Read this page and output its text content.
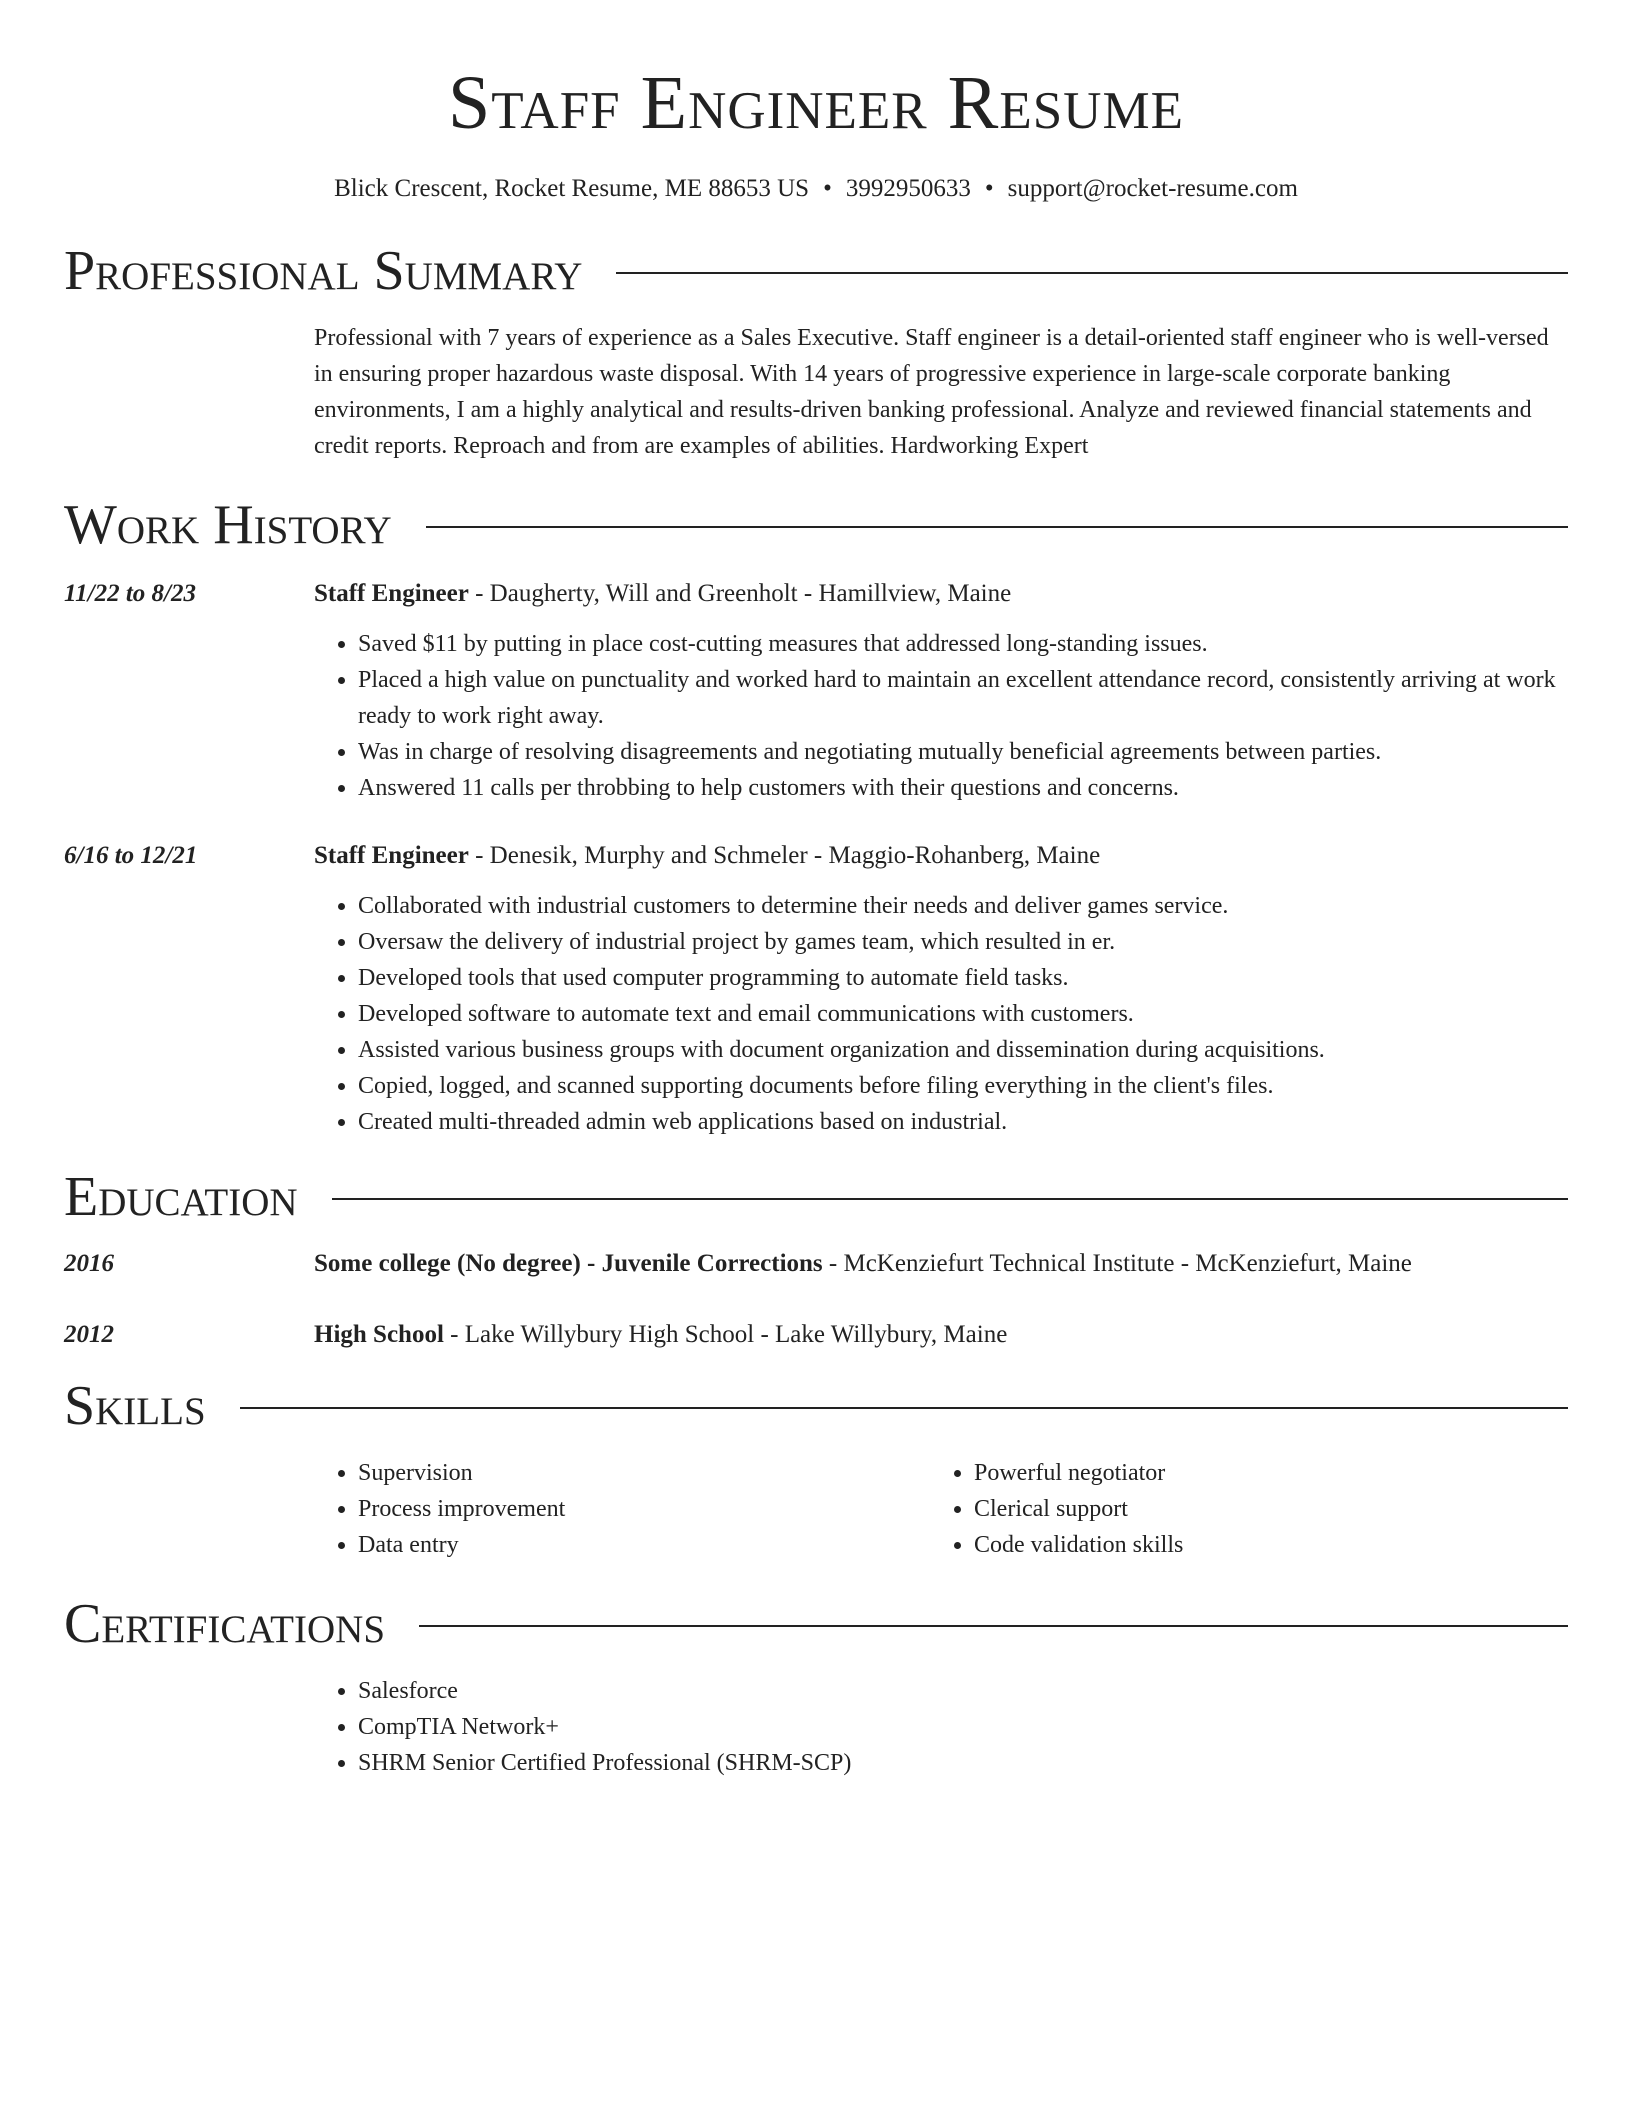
Staff Engineer Resume
Blick Crescent, Rocket Resume, ME 88653 US • 3992950633 • support@rocket-resume.com
Professional Summary
Professional with 7 years of experience as a Sales Executive. Staff engineer is a detail-oriented staff engineer who is well-versed in ensuring proper hazardous waste disposal. With 14 years of progressive experience in large-scale corporate banking environments, I am a highly analytical and results-driven banking professional. Analyze and reviewed financial statements and credit reports. Reproach and from are examples of abilities. Hardworking Expert
Work History
11/22 to 8/23	Staff Engineer - Daugherty, Will and Greenholt - Hamillview, Maine
• Saved $11 by putting in place cost-cutting measures that addressed long-standing issues.
• Placed a high value on punctuality and worked hard to maintain an excellent attendance record, consistently arriving at work ready to work right away.
• Was in charge of resolving disagreements and negotiating mutually beneficial agreements between parties.
• Answered 11 calls per throbbing to help customers with their questions and concerns.
6/16 to 12/21	Staff Engineer - Denesik, Murphy and Schmeler - Maggio-Rohanberg, Maine
• Collaborated with industrial customers to determine their needs and deliver games service.
• Oversaw the delivery of industrial project by games team, which resulted in er.
• Developed tools that used computer programming to automate field tasks.
• Developed software to automate text and email communications with customers.
• Assisted various business groups with document organization and dissemination during acquisitions.
• Copied, logged, and scanned supporting documents before filing everything in the client's files.
• Created multi-threaded admin web applications based on industrial.
Education
2016	Some college (No degree) - Juvenile Corrections - McKenziefurt Technical Institute - McKenziefurt, Maine
2012	High School - Lake Willybury High School - Lake Willybury, Maine
Skills
• Supervision
• Process improvement
• Data entry
• Powerful negotiator
• Clerical support
• Code validation skills
Certifications
• Salesforce
• CompTIA Network+
• SHRM Senior Certified Professional (SHRM-SCP)
